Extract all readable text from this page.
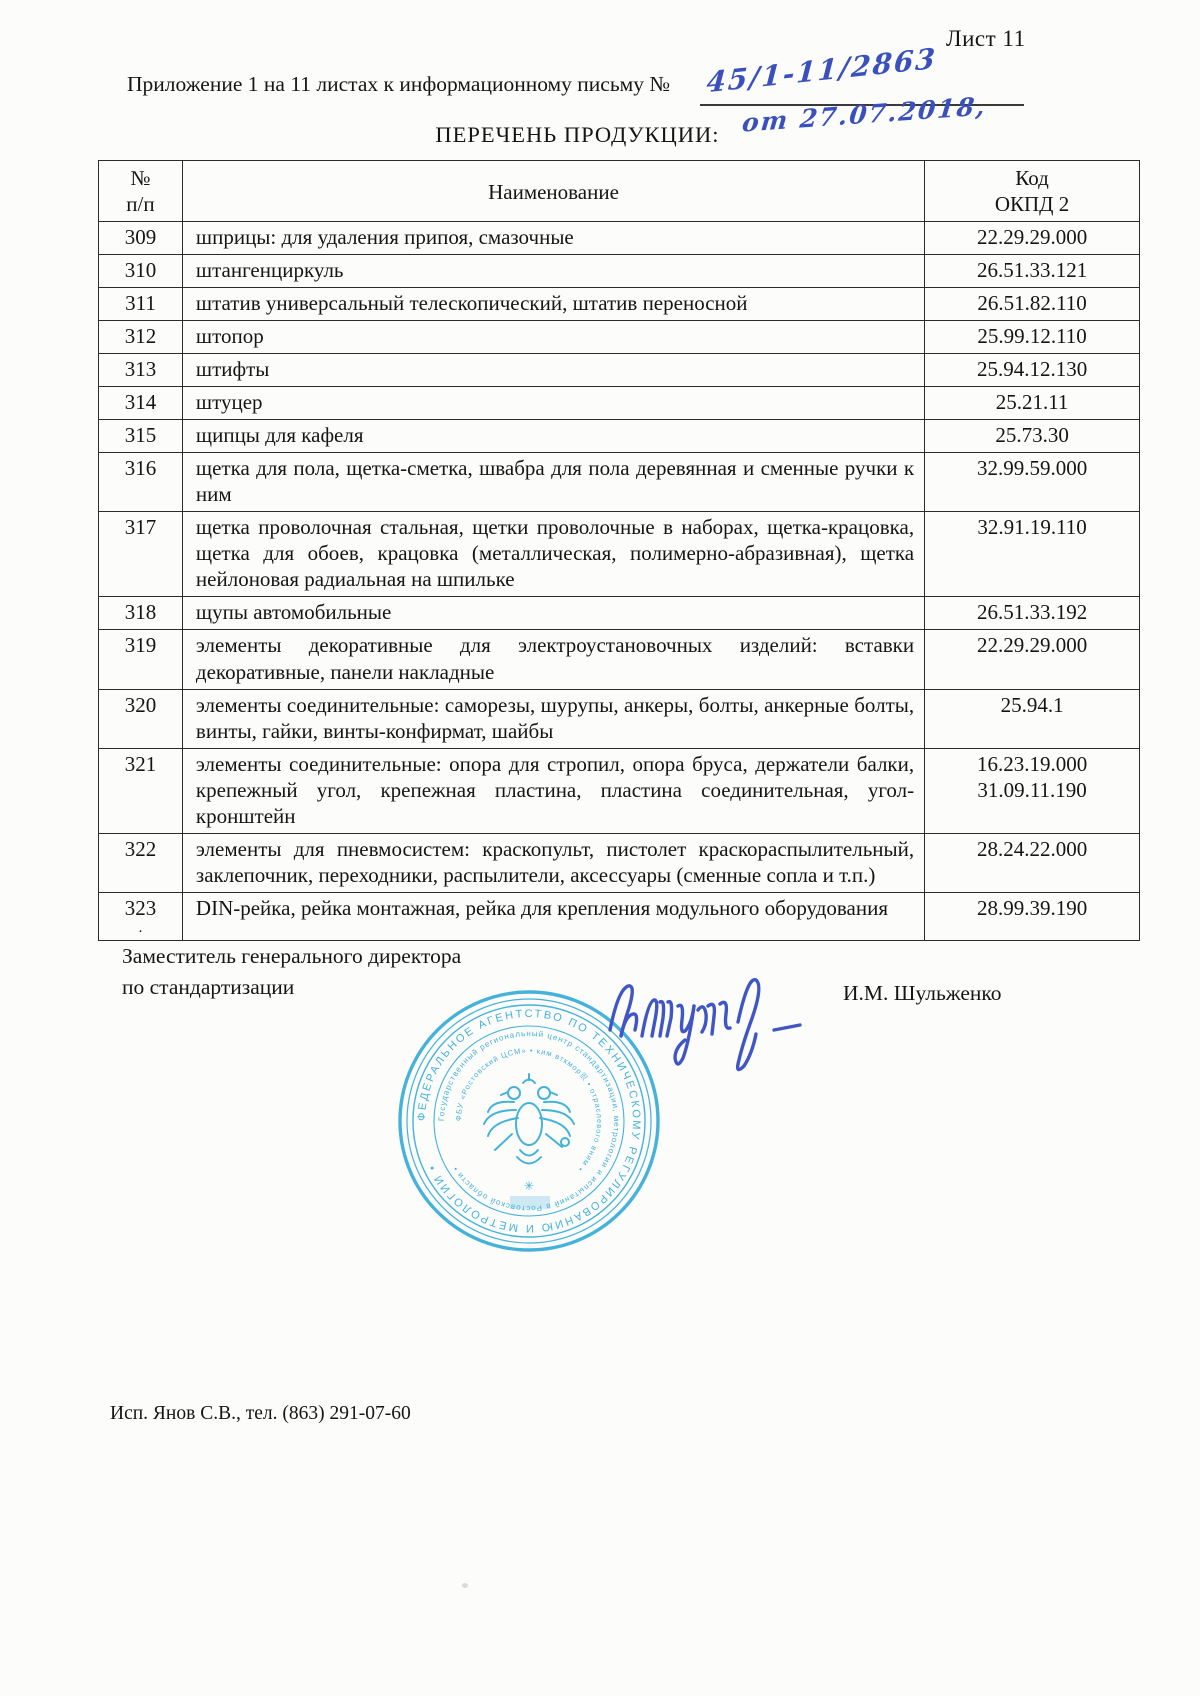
Лист 11
Приложение 1 на 11 листах к информационному письму № 45/1-11/2863
от 27.07.2018,
ПЕРЕЧЕНЬ ПРОДУКЦИИ:
№
п/п
	Наименование	
Код
ОКПД 2

309	шприцы: для удаления припоя, смазочные	22.29.29.000

310	штангенциркуль	26.51.33.121

311	штатив универсальный телескопический, штатив переносной	26.51.82.110

312	штопор	25.99.12.110

313	штифты	25.94.12.130

314	штуцер	25.21.11

315	щипцы для кафеля	25.73.30

316	щетка для пола, щетка-сметка, швабра для пола деревянная и сменные ручки к ним	32.99.59.000

317	щетка проволочная стальная, щетки проволочные в наборах, щетка-крацовка, щетка для обоев, крацовка (металлическая, полимерно-абразивная), щетка нейлоновая радиальная на шпильке	32.91.19.110

318	щупы автомобильные	26.51.33.192

319	элементы декоративные для электроустановочных изделий: вставки декоративные, панели накладные	22.29.29.000

320	элементы соединительные: саморезы, шурупы, анкеры, болты, анкерные болты, винты, гайки, винты-конфирмат, шайбы	25.94.1

321	элементы соединительные: опора для стропил, опора бруса, держатели балки, крепежный угол, крепежная пластина, пластина соединительная, угол-кронштейн	16.23.19.000
31.09.11.190

322	элементы для пневмосистем: краскопульт, пистолет краскораспылительный, заклепочник, переходники, распылители, аксессуары (сменные сопла и т.п.)	28.24.22.000

323
.	DIN-рейка, рейка монтажная, рейка для крепления модульного оборудования	28.99.39.190
Заместитель генерального директора
по стандартизации	И.М. Шульженко
ФЕДЕРАЛЬНОЕ АГЕНТСТВО ПО ТЕХНИЧЕСКОМУ РЕГУЛИРОВАНИЮ И МЕТРОЛОГИИ •
Государственный региональный центр стандартизации, метрологии и испытаний в Ростовской области •
ФБУ «Ростовский ЦСМ» • ким вткмор很 • отраслевого вним •
✳
Исп. Янов С.В., тел. (863) 291-07-60
